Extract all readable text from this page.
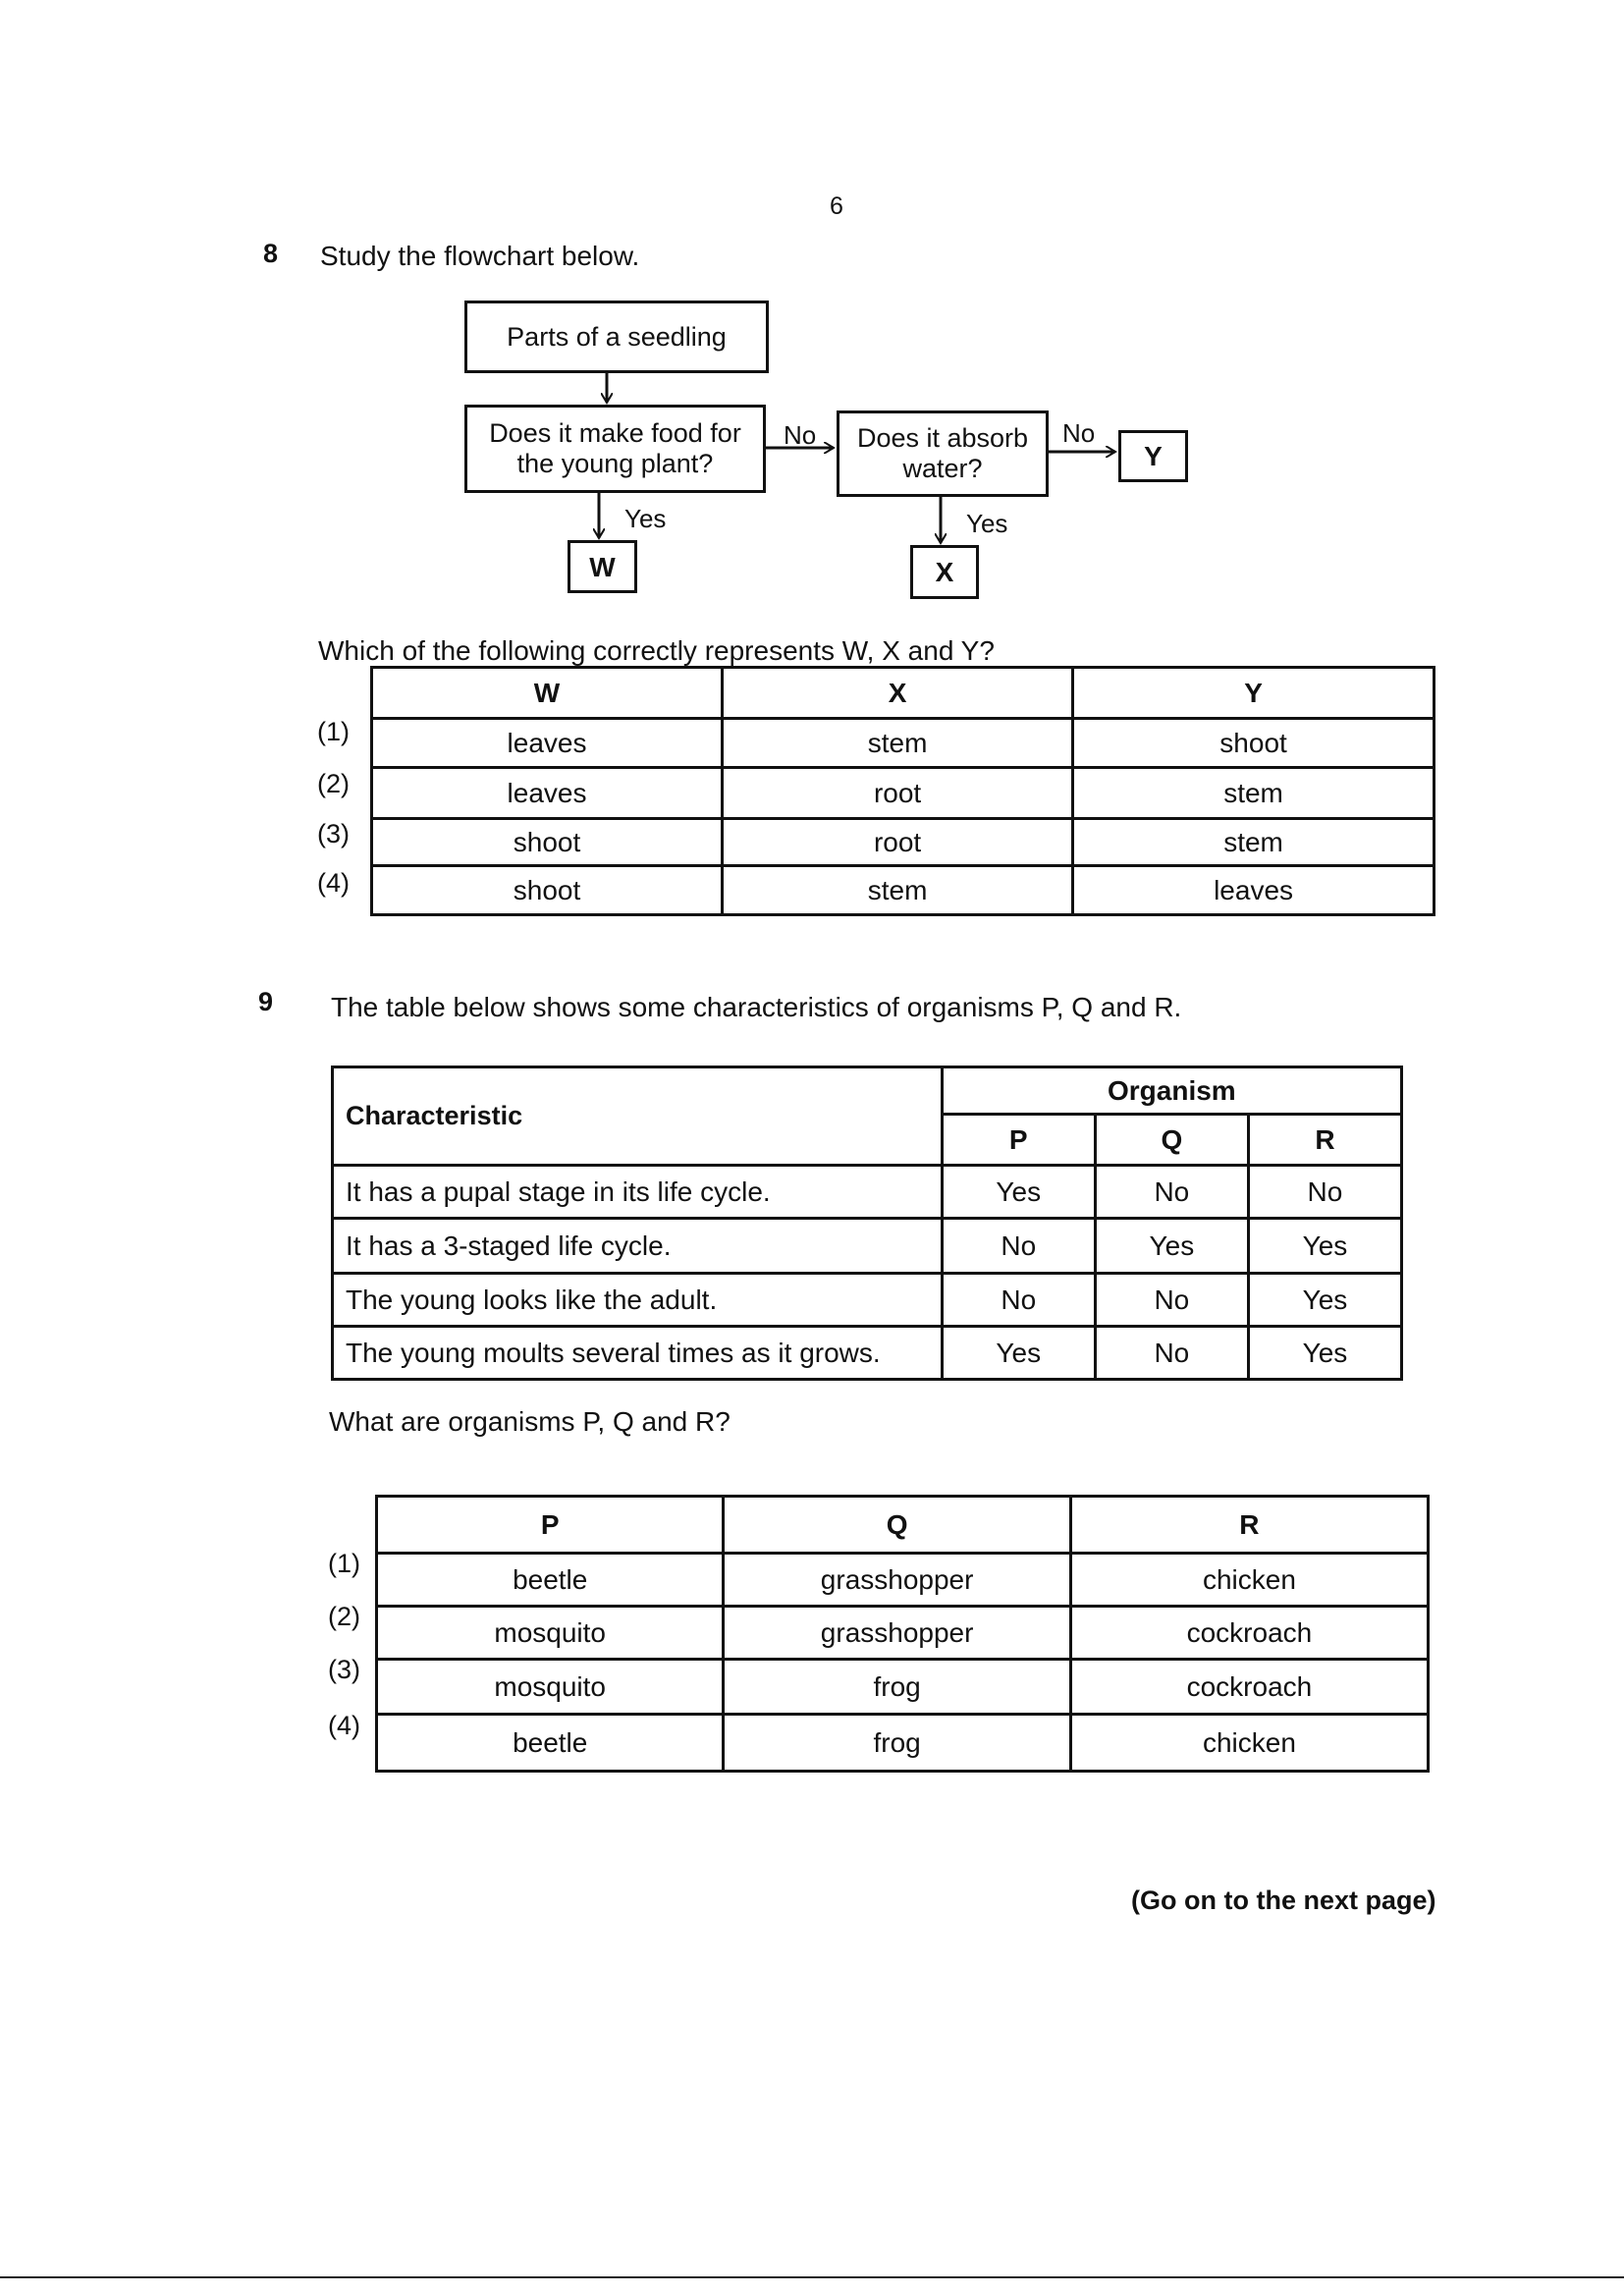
6
8 Study the flowchart below.
Parts of a seedling
Does it make food for the young plant?
Does it absorb water?
W	X
Y
Yes
No
Yes
No
Which of the following correctly represents W, X and Y?
(1)
(2)
(3)
(4)
W	X	Y
leaves	stem	shoot
leaves	root	stem
shoot	root	stem
shoot	stem	leaves
9 The table below shows some characteristics of organisms P, Q and R.
Characteristic	Organism		
	P	Q	R
It has a pupal stage in its life cycle.	Yes	No	No
It has a 3-staged life cycle.	No	Yes	Yes
The young looks like the adult.	No	No	Yes
The young moults several times as it grows.	Yes	No	Yes
What are organisms P, Q and R?
(1)
(2)
(3)
(4)
P	Q	R
beetle	grasshopper	chicken
mosquito	grasshopper	cockroach
mosquito	frog	cockroach
beetle	frog	chicken
(Go on to the next page)
